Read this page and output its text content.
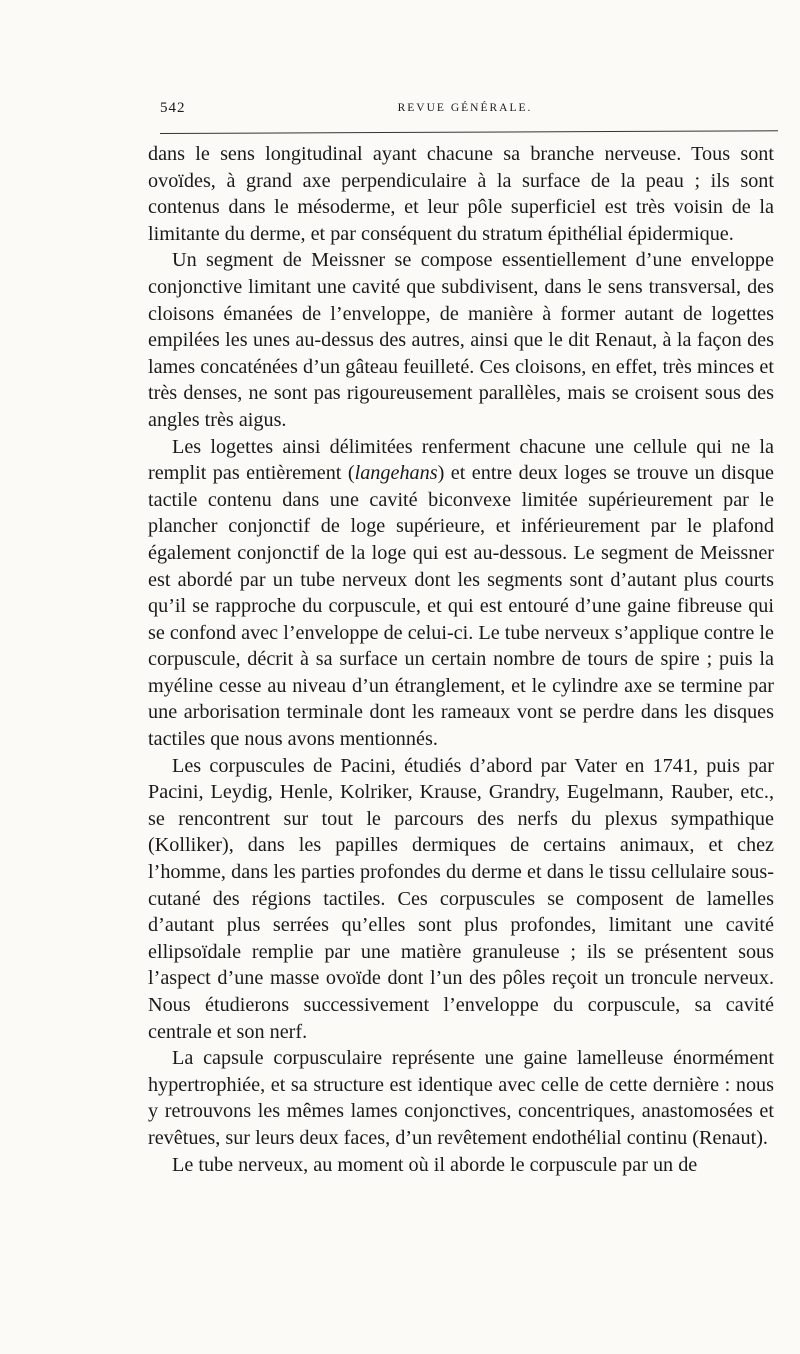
542	REVUE GÉNÉRALE.

dans le sens longitudinal ayant chacune sa branche nerveuse. Tous sont ovoïdes, à grand axe perpendiculaire à la surface de la peau ; ils sont contenus dans le mésoderme, et leur pôle superficiel est très voisin de la limitante du derme, et par conséquent du stratum épithélial épidermique.

Un segment de Meissner se compose essentiellement d’une enveloppe conjonctive limitant une cavité que subdivisent, dans le sens transversal, des cloisons émanées de l’enveloppe, de manière à former autant de logettes empilées les unes au-dessus des autres, ainsi que le dit Renaut, à la façon des lames concaténées d’un gâteau feuilleté. Ces cloisons, en effet, très minces et très denses, ne sont pas rigoureusement parallèles, mais se croisent sous des angles très aigus.

Les logettes ainsi délimitées renferment chacune une cellule qui ne la remplit pas entièrement (langehans) et entre deux loges se trouve un disque tactile contenu dans une cavité biconvexe limitée supérieurement par le plancher conjonctif de loge supérieure, et inférieurement par le plafond également conjonctif de la loge qui est au-dessous. Le segment de Meissner est abordé par un tube nerveux dont les segments sont d’autant plus courts qu’il se rapproche du corpuscule, et qui est entouré d’une gaine fibreuse qui se confond avec l’enveloppe de celui-ci. Le tube nerveux s’applique contre le corpuscule, décrit à sa surface un certain nombre de tours de spire ; puis la myéline cesse au niveau d’un étranglement, et le cylindre axe se termine par une arborisation terminale dont les rameaux vont se perdre dans les disques tactiles que nous avons mentionnés.

Les corpuscules de Pacini, étudiés d’abord par Vater en 1741, puis par Pacini, Leydig, Henle, Kolriker, Krause, Grandry, Eugelmann, Rauber, etc., se rencontrent sur tout le parcours des nerfs du plexus sympathique (Kolliker), dans les papilles dermiques de certains animaux, et chez l’homme, dans les parties profondes du derme et dans le tissu cellulaire sous-cutané des régions tactiles. Ces corpuscules se composent de lamelles d’autant plus serrées qu’elles sont plus profondes, limitant une cavité ellipsoïdale remplie par une matière granuleuse ; ils se présentent sous l’aspect d’une masse ovoïde dont l’un des pôles reçoit un troncule nerveux. Nous étudierons successivement l’enveloppe du corpuscule, sa cavité centrale et son nerf.

La capsule corpusculaire représente une gaine lamelleuse énormément hypertrophiée, et sa structure est identique avec celle de cette dernière : nous y retrouvons les mêmes lames conjonctives, concentriques, anastomosées et revêtues, sur leurs deux faces, d’un revêtement endothélial continu (Renaut).

Le tube nerveux, au moment où il aborde le corpuscule par un de
